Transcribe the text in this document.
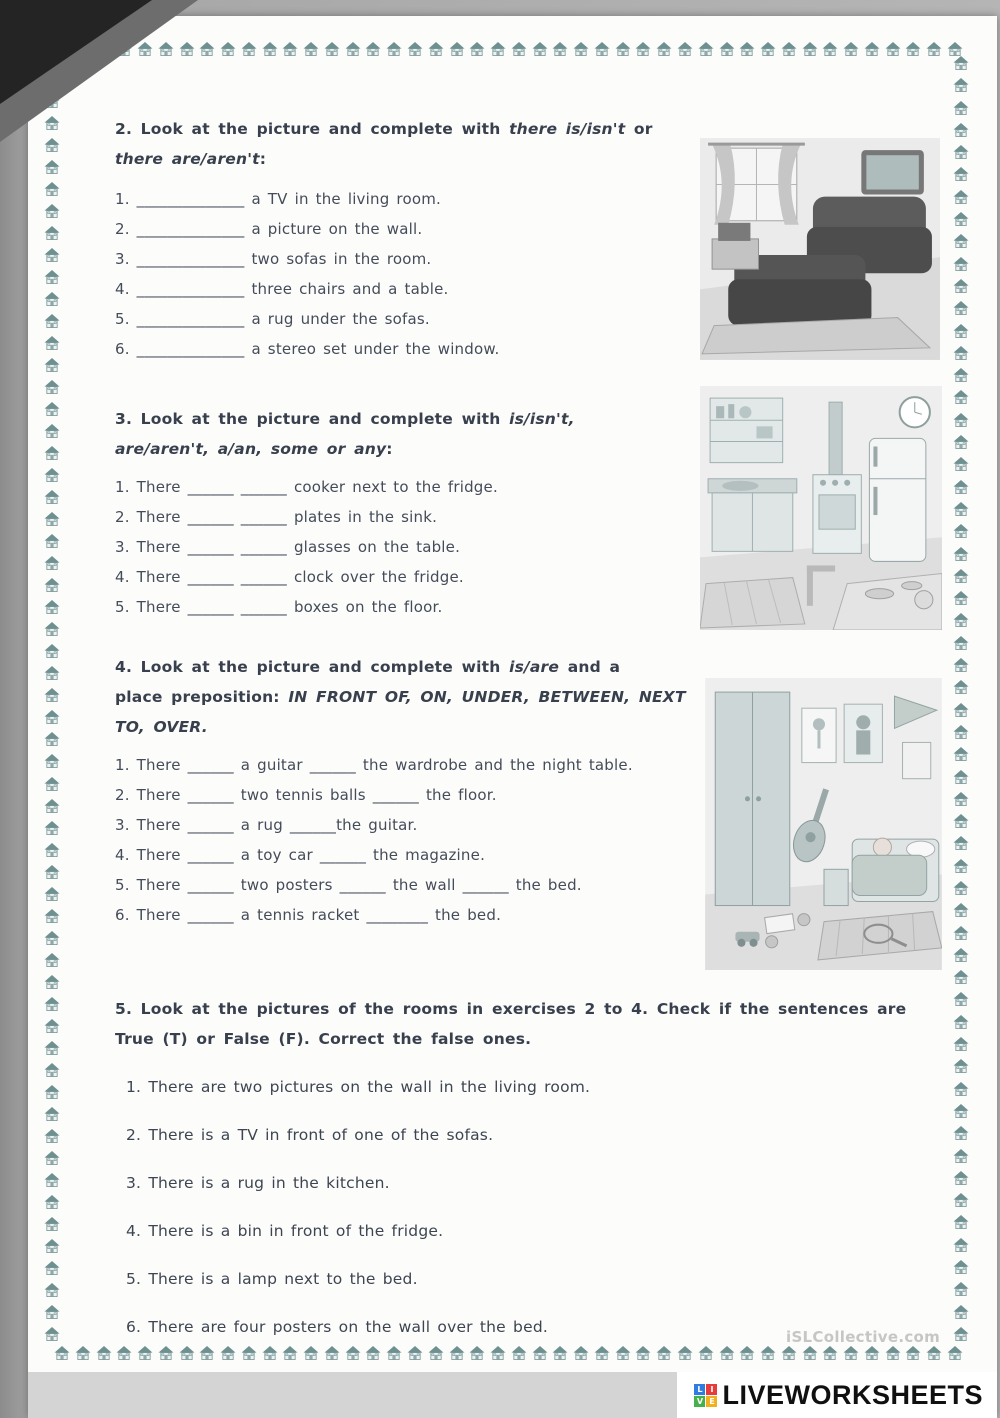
2. Look at the picture and complete with there is/isn't or
there are/aren't:
1. ______________ a TV in the living room.
2. ______________ a picture on the wall.
3. ______________ two sofas in the room.
4. ______________ three chairs and a table.
5. ______________ a rug under the sofas.
6. ______________ a stereo set under the window.
3. Look at the picture and complete with is/isn't,
are/aren't, a/an, some or any:
1. There ______ ______ cooker next to the fridge.
2. There ______ ______ plates in the sink.
3. There ______ ______ glasses on the table.
4. There ______ ______ clock over the fridge.
5. There ______ ______ boxes on the floor.
4. Look at the picture and complete with is/are and a
place preposition: IN FRONT OF, ON, UNDER, BETWEEN, NEXT
TO, OVER.
1. There ______ a guitar ______ the wardrobe and the night table.
2. There ______ two tennis balls ______ the floor.
3. There ______ a rug ______the guitar.
4. There ______ a toy car ______ the magazine.
5. There ______ two posters ______ the wall ______ the bed.
6. There ______ a tennis racket ________ the bed.
5. Look at the pictures of the rooms in exercises 2 to 4. Check if the sentences are
True (T) or False (F). Correct the false ones.
1. There are two pictures on the wall in the living room.
2. There is a TV in front of one of the sofas.
3. There is a rug in the kitchen.
4. There is a bin in front of the fridge.
5. There is a lamp next to the bed.
6. There are four posters on the wall over the bed.
iSLCollective.com
L I
V E LIVEWORKSHEETS
